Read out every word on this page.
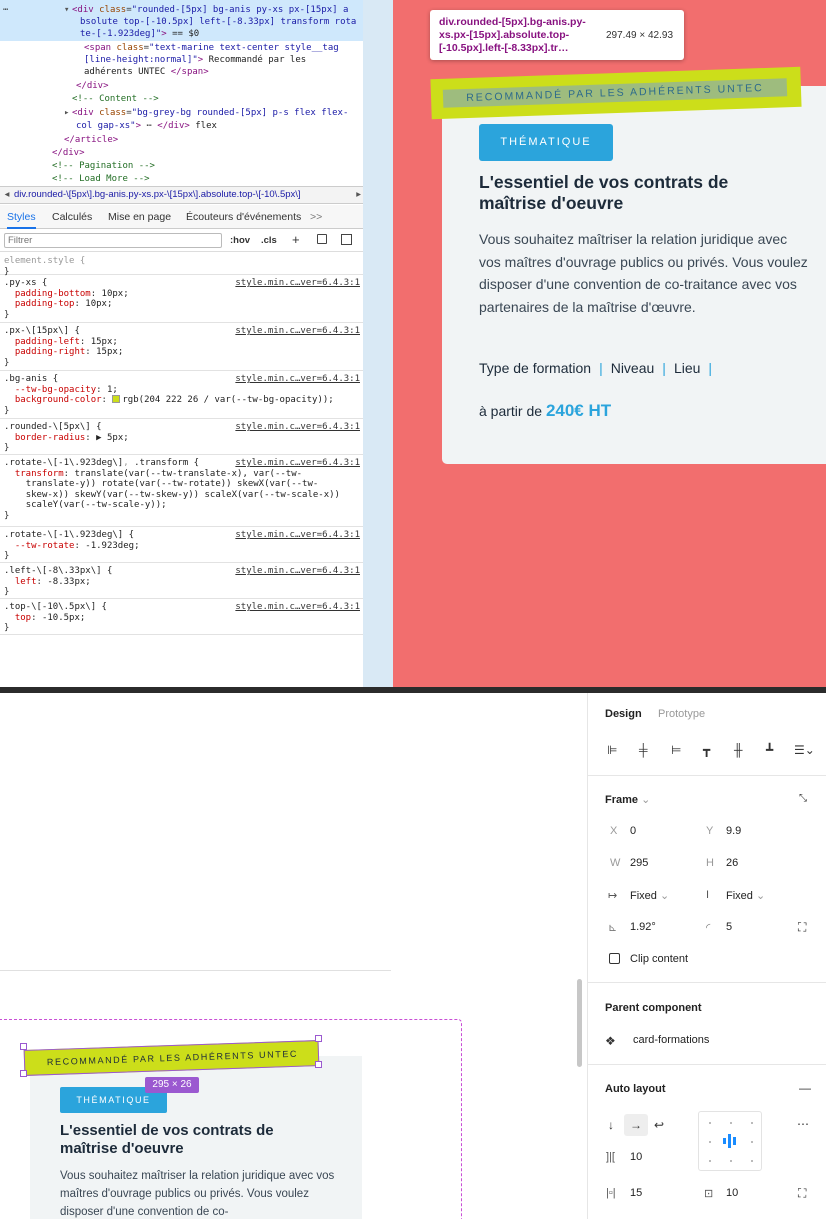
<div class="rounded-[5px] bg-anis py-xs px-[15px] a
bsolute top-[-10.5px] left-[-8.33px] transform rota
te-[-1.923deg]"> == $0
<span class="text-marine text-center style__tag
[line-height:normal]"> Recommandé par les
adhérents UNTEC </span>
</div>
<!-- Content -->
<div class="bg-grey-bg rounded-[5px] p-s flex flex-
col gap-xs"> ⋯ </div> flex
</article>
</div>
<!-- Pagination -->
<!-- Load More -->
⋯	▾
▸
◂ div.rounded-\[5px\].bg-anis.py-xs.px-\[15px\].absolute.top-\[-10\.5px\]	▸
Styles Calculés Mise en page Écouteurs d'événements >>
Filtrer
:hov .cls +
element.style {
}
.py-xs {
padding-bottom: 10px;
padding-top: 10px;
}
style.min.c…ver=6.4.3:1
.px-\[15px\] {
padding-left: 15px;
padding-right: 15px;
}
style.min.c…ver=6.4.3:1
.bg-anis {
--tw-bg-opacity: 1;
background-color: rgb(204 222 26 / var(--tw-bg-opacity));
}
style.min.c…ver=6.4.3:1
.rounded-\[5px\] {
border-radius: ▶ 5px;
}
style.min.c…ver=6.4.3:1
.rotate-\[-1\.923deg\], .transform {
transform: translate(var(--tw-translate-x), var(--tw-
translate-y)) rotate(var(--tw-rotate)) skewX(var(--tw-
skew-x)) skewY(var(--tw-skew-y)) scaleX(var(--tw-scale-x))
scaleY(var(--tw-scale-y));
}
style.min.c…ver=6.4.3:1
.rotate-\[-1\.923deg\] {
--tw-rotate: -1.923deg;
}
style.min.c…ver=6.4.3:1
.left-\[-8\.33px\] {
left: -8.33px;
}
style.min.c…ver=6.4.3:1
.top-\[-10\.5px\] {
top: -10.5px;
}
style.min.c…ver=6.4.3:1
RECOMMANDÉ PAR LES ADHÉRENTS UNTEC
div.rounded-[5px].bg-anis.py-xs.px-[15px].absolute.top-[-10.5px].left-[-8.33px].tr…
297.49 × 42.93
THÉMATIQUE
L'essentiel de vos contrats de maîtrise d'oeuvre
Vous souhaitez maîtriser la relation juridique avec vos maîtres d'ouvrage publics ou privés. Vous voulez disposer d'une convention de co-traitance avec vos partenaires de la maîtrise d'œuvre.
Type de formation | Niveau | Lieu |
à partir de 240€ HT
RECOMMANDÉ PAR LES ADHÉRENTS UNTEC
THÉMATIQUE
295 × 26
L'essentiel de vos contrats de maîtrise d'oeuvre
Vous souhaitez maîtriser la relation juridique avec vos maîtres d'ouvrage publics ou privés. Vous voulez disposer d'une convention de co-
Design Prototype
⊫ ╪ ⊨ ┳ ╫ ┻ ☰⌄
Frame ⌄	⤡
X 0	Y 9.9
W 295	H 26
↦ Fixed ⌄	I Fixed ⌄
⊾ 1.92°	◜ 5	⛶
Clip content
Parent component
❖ card-formations
Auto layout	—
↓ → ↩	⋯
]|[ 10
|▫| 15	⊡ 10	⛶
